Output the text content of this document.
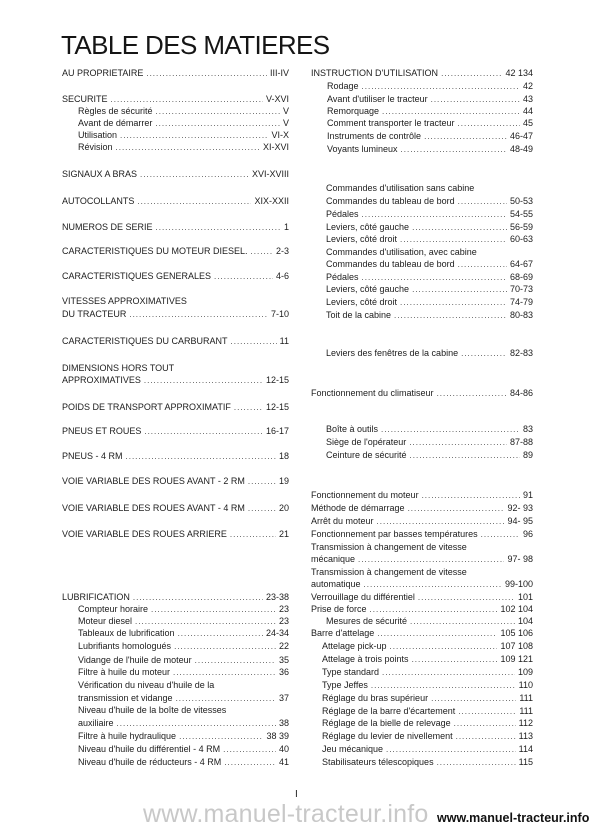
TABLE DES MATIERES
AU PROPRIETAIRE .....	III-IV
SECURITE .....	V-XVI
Règles de sécurité .....	V
Avant de démarrer .....	V
Utilisation .....	VI-X
Révision .....	XI-XVI
SIGNAUX A BRAS .....	XVI-XVIII
AUTOCOLLANTS .....	XIX-XXII
NUMEROS DE SERIE .....	1
CARACTERISTIQUES DU MOTEUR DIESEL. .....	2-3
CARACTERISTIQUES GENERALES .....	4-6
VITESSES APPROXIMATIVES
DU TRACTEUR .....	7-10
CARACTERISTIQUES DU CARBURANT .....	11
DIMENSIONS HORS TOUT
APPROXIMATIVES .....	12-15
POIDS DE TRANSPORT APPROXIMATIF .....	12-15
PNEUS ET ROUES .....	16-17
PNEUS - 4 RM .....	18
VOIE VARIABLE DES ROUES AVANT - 2 RM .....	19
VOIE VARIABLE DES ROUES AVANT - 4 RM .....	20
VOIE VARIABLE DES ROUES ARRIERE .....	21
LUBRIFICATION .....	23-38
Compteur horaire .....	23
Moteur diesel .....	23
Tableaux de lubrification .....	24-34
Lubrifiants homologués .....	22
Vidange de l'huile de moteur .....	35
Filtre à huile du moteur .....	36
Vérification du niveau d'huile de la
transmission et vidange .....	37
Niveau d'huile de la boîte de vitesses
auxiliaire .....	38
Filtre à huile hydraulique .....	38 39
Niveau d'huile du différentiel - 4 RM .....	40
Niveau d'huile de réducteurs - 4 RM .....	41
INSTRUCTION D'UTILISATION .....	42 134
Rodage .....	42
Avant d'utiliser le tracteur .....	43
Remorquage .....	44
Comment transporter le tracteur .....	45
Instruments de contrôle .....	46-47
Voyants lumineux .....	48-49
Commandes d'utilisation sans cabine
Commandes du tableau de bord .....	50-53
Pédales .....	54-55
Leviers, côté gauche .....	56-59
Leviers, côté droit .....	60-63
Commandes d'utilisation, avec cabine
Commandes du tableau de bord .....	64-67
Pédales .....	68-69
Leviers, côté gauche .....	70-73
Leviers, côté droit .....	74-79
Toit de la cabine .....	80-83
Leviers des fenêtres de la cabine .....	82-83
Fonctionnement du climatiseur .....	84-86
Boîte à outils .....	83
Siège de l'opérateur .....	87-88
Ceinture de sécurité .....	89
Fonctionnement du moteur .....	91
Méthode de démarrage .....	92- 93
Arrêt du moteur .....	94- 95
Fonctionnement par basses températures .....	96
Transmission à changement de vitesse
mécanique .....	97- 98
Transmission à changement de vitesse
automatique .....	99-100
Verrouillage du différentiel .....	101
Prise de force .....	102 104
Mesures de sécurité .....	104
Barre d'attelage .....	105 106
Attelage pick-up .....	107 108
Attelage à trois points .....	109 121
Type standard .....	109
Type Jeffes .....	110
Réglage du bras supérieur .....	111
Réglage de la barre d'écartement .....	111
Réglage de la bielle de relevage .....	112
Réglage du levier de nivellement .....	113
Jeu mécanique .....	114
Stabilisateurs télescopiques .....	115
I
www.manuel-tracteur.info www.manuel-tracteur.info
